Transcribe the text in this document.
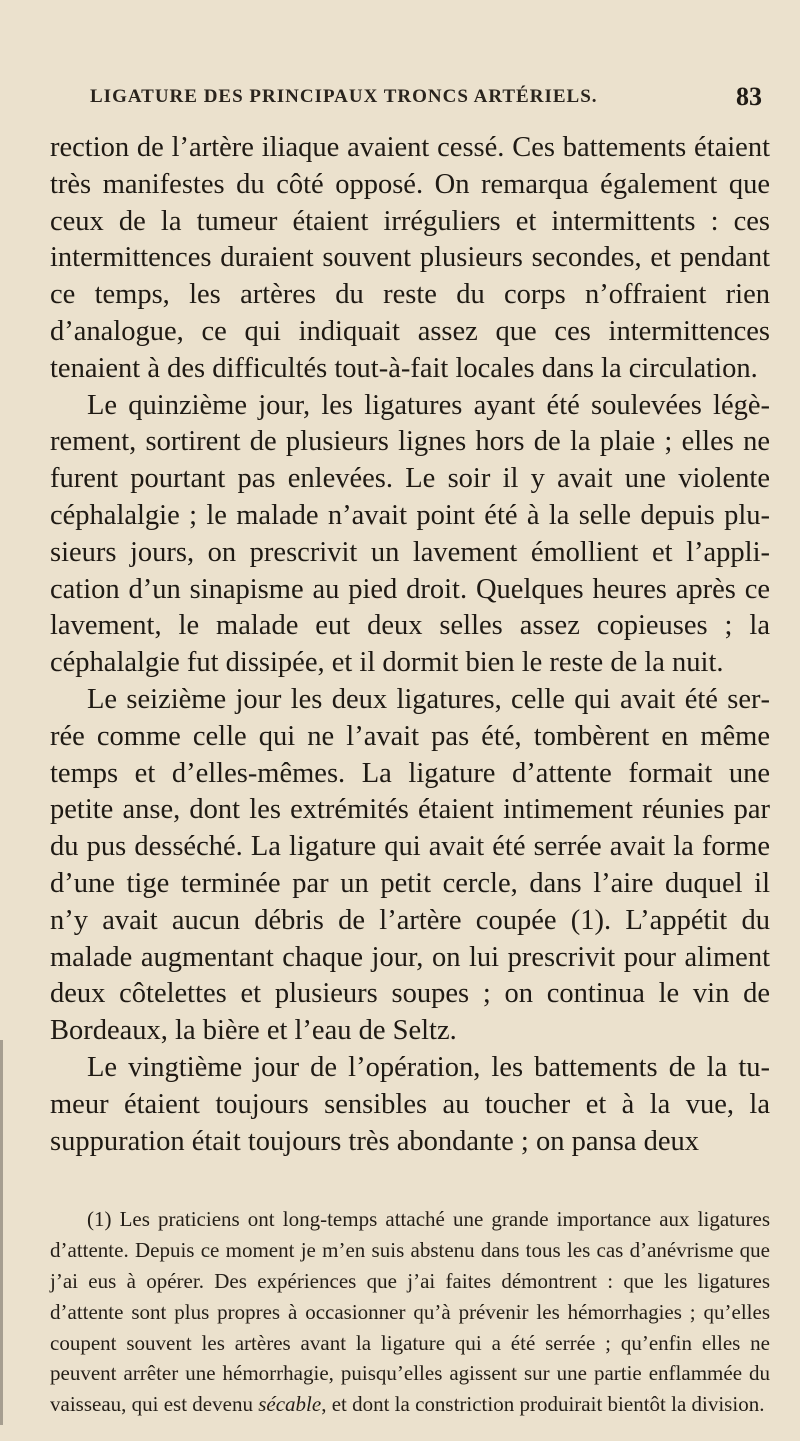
LIGATURE DES PRINCIPAUX TRONCS ARTÉRIELS.	83

rection de l’artère iliaque avaient cessé. Ces battements étaient très manifestes du côté opposé. On remarqua également que ceux de la tumeur étaient irréguliers et intermittents : ces intermittences duraient souvent plusieurs secondes, et pendant ce temps, les artères du reste du corps n’offraient rien d’analogue, ce qui indiquait assez que ces intermittences tenaient à des difficultés tout-à-fait locales dans la circulation.

Le quinzième jour, les ligatures ayant été soulevées légèrement, sortirent de plusieurs lignes hors de la plaie ; elles ne furent pourtant pas enlevées. Le soir il y avait une violente céphalalgie ; le malade n’avait point été à la selle depuis plusieurs jours, on prescrivit un lavement émollient et l’application d’un sinapisme au pied droit. Quelques heures après ce lavement, le malade eut deux selles assez copieuses ; la céphalalgie fut dissipée, et il dormit bien le reste de la nuit.

Le seizième jour les deux ligatures, celle qui avait été serrée comme celle qui ne l’avait pas été, tombèrent en même temps et d’elles-mêmes. La ligature d’attente formait une petite anse, dont les extrémités étaient intimement réunies par du pus desséché. La ligature qui avait été serrée avait la forme d’une tige terminée par un petit cercle, dans l’aire duquel il n’y avait aucun débris de l’artère coupée (1). L’appétit du malade augmentant chaque jour, on lui prescrivit pour aliment deux côtelettes et plusieurs soupes ; on continua le vin de Bordeaux, la bière et l’eau de Seltz.

Le vingtième jour de l’opération, les battements de la tumeur étaient toujours sensibles au toucher et à la vue, la suppuration était toujours très abondante ; on pansa deux

(1) Les praticiens ont long-temps attaché une grande importance aux ligatures d’attente. Depuis ce moment je m’en suis abstenu dans tous les cas d’anévrisme que j’ai eus à opérer. Des expériences que j’ai faites démontrent : que les ligatures d’attente sont plus propres à occasionner qu’à prévenir les hémorrhagies ; qu’elles coupent souvent les artères avant la ligature qui a été serrée ; qu’enfin elles ne peuvent arrêter une hémorrhagie, puisqu’elles agissent sur une partie enflammée du vaisseau, qui est devenu sécable, et dont la constriction produirait bientôt la division.
